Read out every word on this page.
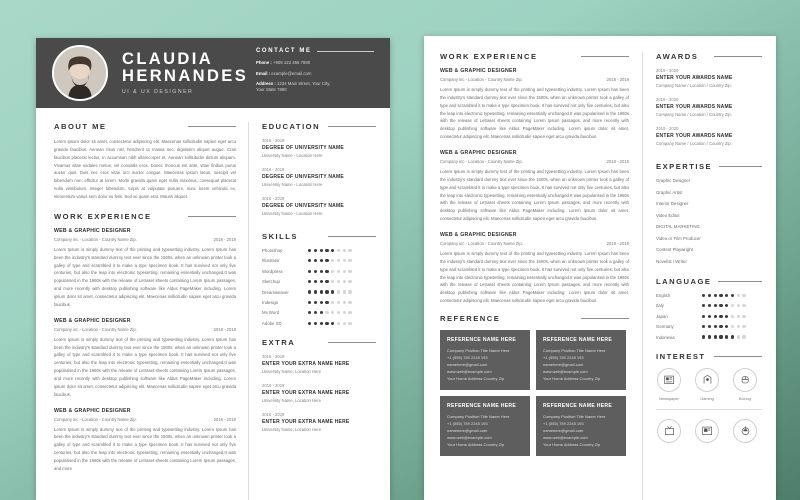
CLAUDIA
HERNANDES
UI & UX DESIGNER
CONTACT ME
Phone : +909 123 456 7890
Email : example@email.com
Address : 1234 Main Street, Your City,
Your State 7890
ABOUT ME
Lorem ipsum dolor sit amet, consectetur adipiscing elit. Maecenas sollicitudin sapien eget arcu gravida faucibus. Aenean risus nisl, hendrerit ut massa nec, dignissim aliquet augue. Cras faucibus placerat lectus, in accumsan nibh ullamcorper et. Aenean sollicitudin dictum aliquam. Vivamus vitae sodales metus, vel convallis eros. Donec rhoncus est ante, vitae finibus purus auctor quis. Duis nec eros vitae orci auctor congue. Maecenas ipsum lacus, suscipit vel bibendum non, efficitur at lorem. Morbi gravida quam eget nulla maximus, consequat placerat nulla vestibulum. Integer bibendum, turpis at vulputate posuere, nunc lorem vehicula ex, elementum varius sem dolor eu felis. Sed ac quam erat. Mauris aliquet.
WORK EXPERIENCE
WEB & GRAPHIC DESIGNER
Company inc - Location - Country Name Zip.	2018 - 2019
Lorem Ipsum is simply dummy text of the printing and typesetting industry. Lorem Ipsum has been the industry's standard dummy text ever since the 1500s, when an unknown printer took a galley of type and scrambled it to make a type specimen book. It has survived not only five centuries, but also the leap into electronic typesetting, remaining essentially unchanged.It was popularised in the 1960s with the release of Letraset sheets containing Lorem Ipsum passages, and more recently with desktop publishing software like Aldus PageMaker including. Lorem ipsum dolor sit amet, consectetur adipiscing elit. Maecenas sollicitudin sapien eget arcu gravida faucibus.
WEB & GRAPHIC DESIGNER
Company inc - Location - Country Name Zip.	2018 - 2019
Lorem Ipsum is simply dummy text of the printing and typesetting industry. Lorem Ipsum has been the industry's standard dummy text ever since the 1500s, when an unknown printer took a galley of type and scrambled it to make a type specimen book. It has survived not only five centuries, but also the leap into electronic typesetting, remaining essentially unchanged.It was popularised in the 1960s with the release of Letraset sheets containing Lorem Ipsum passages, and more recently with desktop publishing software like Aldus PageMaker including. Lorem ipsum dolor sit amet, consectetur adipiscing elit. Maecenas sollicitudin sapien eget arcu gravida faucibus.
WEB & GRAPHIC DESIGNER
Company inc - Location - Country Name Zip.	2018 - 2019
Lorem Ipsum is simply dummy text of the printing and typesetting industry. Lorem Ipsum has been the industry's standard dummy text ever since the 1500s, when an unknown printer took a galley of type and scrambled it to make a type specimen book. It has survived not only five centuries, but also the leap into electronic typesetting, remaining essentially unchanged.It was popularised in the 1960s with the release of Letraset sheets containing Lorem Ipsum passages, and more
EDUCATION
2016 - 2019
DEGREE OF UNIVERSITY NAME
University Name - Location Here
2016 - 2019
DEGREE OF UNIVERSITY NAME
University Name - Location Here
2016 - 2019
DEGREE OF UNIVERSITY NAME
University Name - Location Here
SKILLS
Photoshop
Illustrator
Wordpress
Sketchup
Dreamweaver
Indesign
Ms Word
Adobe XD
EXTRA
2016 - 2019
ENTER YOUR EXTRA NAME HERE
University Name, Location Here
2016 - 2019
ENTER YOUR EXTRA NAME HERE
University Name, Location Here
2016 - 2019
ENTER YOUR EXTRA NAME HERE
University Name, Location Here
WORK EXPERIENCE
WEB & GRAPHIC DESIGNER
Company inc - Location - Country Name Zip.	2018 - 2019
Lorem Ipsum is simply dummy text of the printing and typesetting industry. Lorem Ipsum has been the industry's standard dummy text ever since the 1500s, when an unknown printer took a galley of type and scrambled it to make a type specimen book. It has survived not only five centuries, but also the leap into electronic typesetting, remaining essentially unchanged.It was popularised in the 1960s with the release of Letraset sheets containing Lorem Ipsum passages, and more recently with desktop publishing software like Aldus PageMaker including. Lorem ipsum dolor sit amet, consectetur adipiscing elit. Maecenas sollicitudin sapien eget arcu gravida faucibus.
WEB & GRAPHIC DESIGNER
Company inc - Location - Country Name Zip.	2018 - 2019
Lorem Ipsum is simply dummy text of the printing and typesetting industry. Lorem Ipsum has been the industry's standard dummy text ever since the 1500s, when an unknown printer took a galley of type and scrambled it to make a type specimen book. It has survived not only five centuries, but also the leap into electronic typesetting, remaining essentially unchanged.It was popularised in the 1960s with the release of Letraset sheets containing Lorem Ipsum passages, and more recently with desktop publishing software like Aldus PageMaker including. Lorem ipsum dolor sit amet, consectetur adipiscing elit. Maecenas sollicitudin sapien eget arcu gravida faucibus.
WEB & GRAPHIC DESIGNER
Company inc - Location - Country Name Zip.	2018 - 2019
Lorem Ipsum is simply dummy text of the printing and typesetting industry. Lorem Ipsum has been the industry's standard dummy text ever since the 1500s, when an unknown printer took a galley of type and scrambled it to make a type specimen book. It has survived not only five centuries, but also the leap into electronic typesetting, remaining essentially unchanged.It was popularised in the 1960s with the release of Letraset sheets containing Lorem Ipsum passages, and more recently with desktop publishing software like Aldus PageMaker including. Lorem ipsum dolor sit amet, consectetur adipiscing elit. Maecenas sollicitudin sapien eget arcu gravida faucibus.
REFERENCE
REFERENCE NAME HERE
Company Position Title Name Here
+1 (555) 789 2245 193
namehere@gmail.com
www.web@example.com
Your Home Address Country Zip
REFERENCE NAME HERE
Company Position Title Name Here
+1 (555) 789 2245 193
namehere@gmail.com
www.web@example.com
Your Home Address Country Zip
REFERENCE NAME HERE
Company Position Title Name Here
+1 (555) 789 2245 193
namehere@gmail.com
www.web@example.com
Your Home Address Country Zip
REFERENCE NAME HERE
Company Position Title Name Here
+1 (555) 789 2245 193
namehere@gmail.com
www.web@example.com
Your Home Address Country Zip
AWARDS
2019 - 2020
ENTER YOUR AWARDS NAME
Company Name / Location / Country Zip.
2019 - 2020
ENTER YOUR AWARDS NAME
Company Name / Location / Country Zip.
2019 - 2020
ENTER YOUR AWARDS NAME
Company Name / Location / Country Zip.
EXPERTISE
Graphic Designer
Graphic Artist
Interior Designer
Video Editor
DIGITAL MARKETING
Video or Film Producer
Content Playwright
Novelist / Writer
LANGUAGE
English
Italy
Japan
Germany
Indonesia
INTEREST
Newspaper	Gaming	Boxing
